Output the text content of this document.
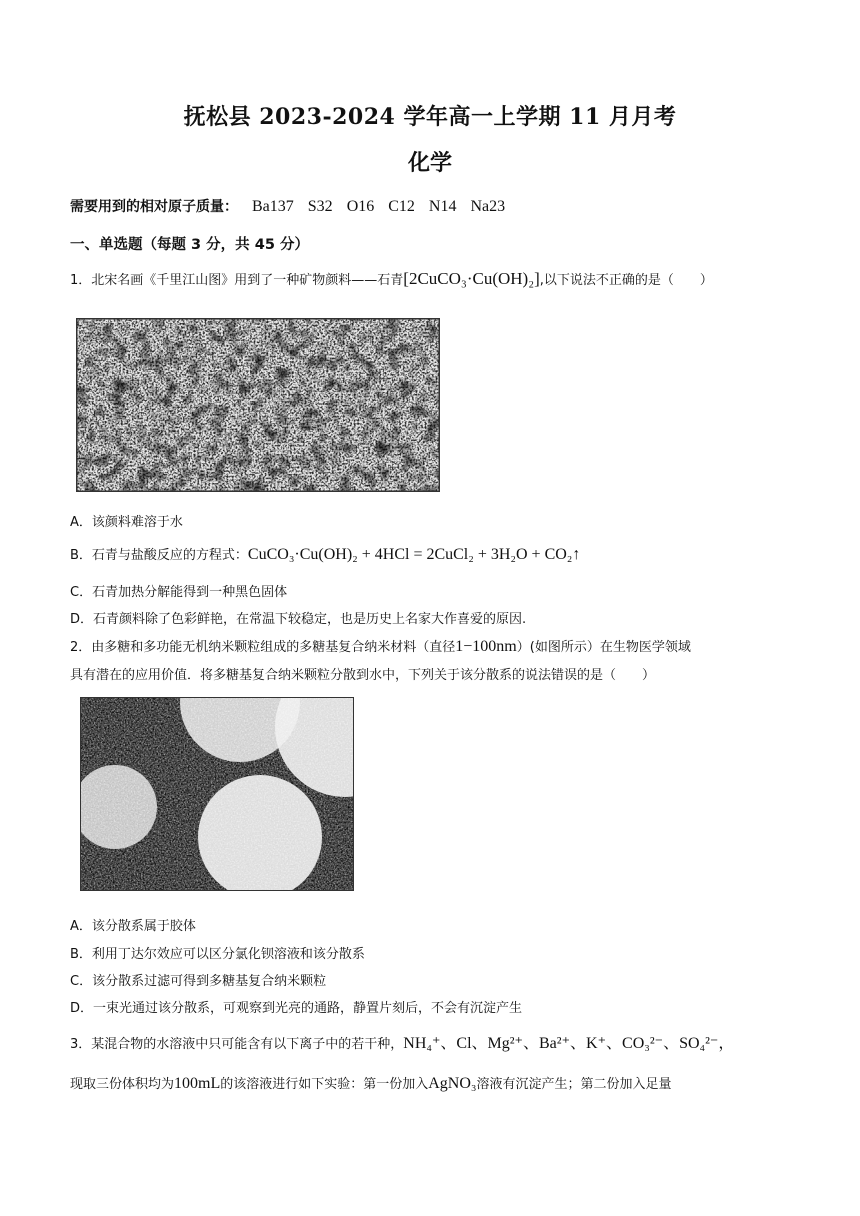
抚松县 2023-2024 学年高一上学期 11 月月考
化学
需要用到的相对原子质量： Ba137 S32 O16 C12 N14 Na23
一、单选题（每题 3 分，共 45 分）
1．北宋名画《千里江山图》用到了一种矿物颜料——石青[2CuCO₃·Cu(OH)₂],以下说法不正确的是（　　）
A．该颜料难溶于水
B．石青与盐酸反应的方程式：CuCO₃·Cu(OH)₂ + 4HCl = 2CuCl₂ + 3H₂O + CO₂↑
C．石青加热分解能得到一种黑色固体
D．石青颜料除了色彩鲜艳，在常温下较稳定，也是历史上名家大作喜爱的原因.
2．由多糖和多功能无机纳米颗粒组成的多糖基复合纳米材料（直径1−100nm）(如图所示）在生物医学领域
具有潜在的应用价值．将多糖基复合纳米颗粒分散到水中，下列关于该分散系的说法错误的是（　　）
A．该分散系属于胶体
B．利用丁达尔效应可以区分氯化钡溶液和该分散系
C．该分散系过滤可得到多糖基复合纳米颗粒
D．一束光通过该分散系，可观察到光亮的通路，静置片刻后，不会有沉淀产生
3．某混合物的水溶液中只可能含有以下离子中的若干种，NH₄⁺、Cl、Mg²⁺、Ba²⁺、K⁺、CO₃²⁻、SO₄²⁻，
现取三份体积均为100mL的该溶液进行如下实验：第一份加入AgNO₃溶液有沉淀产生；第二份加入足量
